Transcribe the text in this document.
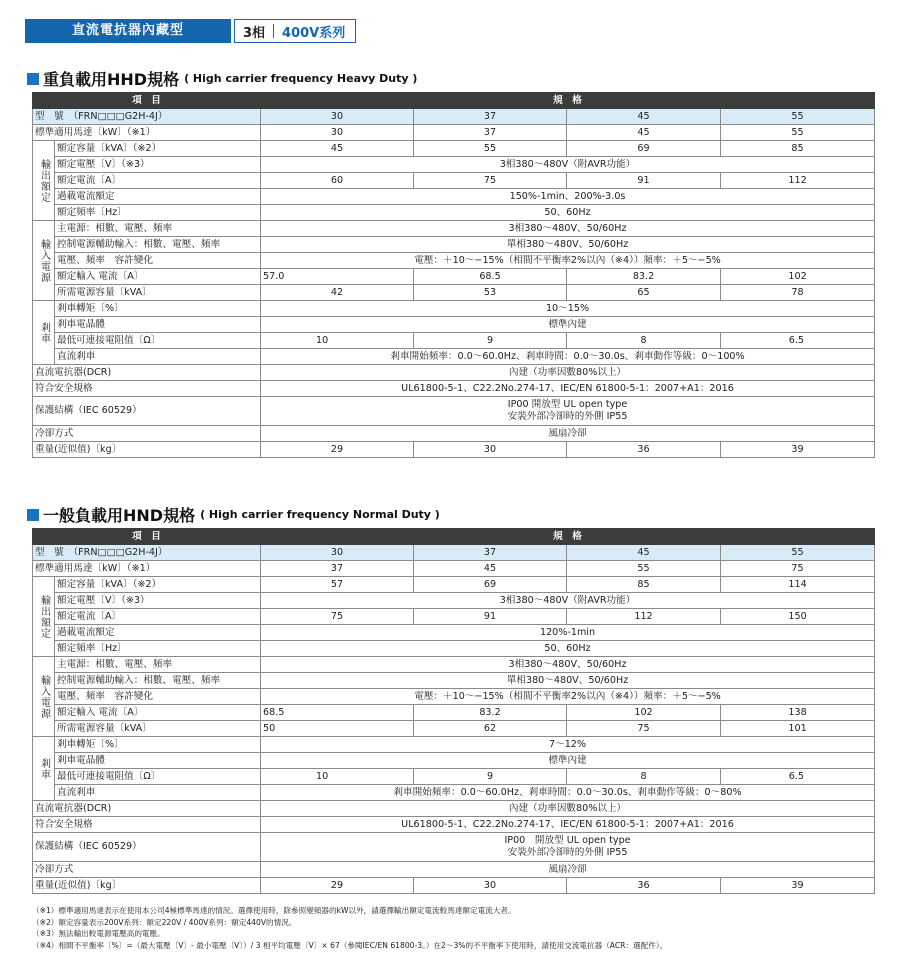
直流電抗器內藏型	3相 400V系列
重負載用HHD規格 ( High carrier frequency Heavy Duty )
項　目		規　格			
型　號　（FRN□□□G2H-4J）		30	37	45	55
標準適用馬達〔kW〕（※1）		30	37	45	55
輸出額定	額定容量〔kVA〕（※2）	45	55	69	85
	額定電壓〔V〕（※3）	3相380～480V（附AVR功能）			
	額定電流〔A〕	60	75	91	112
	過載電流額定	150%-1min、200%-3.0s			
	額定頻率〔Hz〕	50、60Hz			
輸入電源	主電源：相數、電壓、頻率	3相380～480V、50/60Hz			
	控制電源輔助輸入：相數、電壓、頻率	單相380～480V、50/60Hz			
	電壓、頻率　容許變化	電壓：＋10～−15%（相間不平衡率2%以內（※4））頻率：＋5～−5%			
	額定輸入 電流〔A〕	57.0	68.5	83.2	102
	所需電源容量〔kVA〕	42	53	65	78
剎車	剎車轉矩〔%〕	10～15%			
	剎車電晶體	標準內建			
	最低可連接電阻值〔Ω〕	10	9	8	6.5
	直流剎車	剎車開始頻率：0.0～60.0Hz、剎車時間：0.0～30.0s、剎車動作等級：0～100%			
直流電抗器(DCR)		內建（功率因數80%以上）			
符合安全規格		UL61800-5-1、C22.2No.274-17、IEC/EN 61800-5-1：2007+A1：2016			
保護結構（IEC 60529）		IP00 開放型 UL open type
安裝外部冷卻時的外側 IP55			

冷卻方式		風扇冷卻			
重量(近似值)〔kg〕		29	30	36	39
一般負載用HND規格 ( High carrier frequency Normal Duty )
項　目		規　格			
型　號　（FRN□□□G2H-4J）		30	37	45	55
標準適用馬達〔kW〕（※1）		37	45	55	75
輸出額定	額定容量〔kVA〕（※2）	57	69	85	114
	額定電壓〔V〕（※3）	3相380～480V（附AVR功能）			
	額定電流〔A〕	75	91	112	150
	過載電流額定	120%-1min			
	額定頻率〔Hz〕	50、60Hz			
輸入電源	主電源：相數、電壓、頻率	3相380～480V、50/60Hz			
	控制電源輔助輸入：相數、電壓、頻率	單相380～480V、50/60Hz			
	電壓、頻率　容許變化	電壓：＋10～−15%（相間不平衡率2%以內（※4））頻率：＋5～−5%			
	額定輸入 電流〔A〕	68.5	83.2	102	138
	所需電源容量〔kVA〕	50	62	75	101
剎車	剎車轉矩〔%〕	7～12%			
	剎車電晶體	標準內建			
	最低可連接電阻值〔Ω〕	10	9	8	6.5
	直流剎車	剎車開始頻率：0.0～60.0Hz、剎車時間：0.0～30.0s、剎車動作等級：0～80%			
直流電抗器(DCR)		內建（功率因數80%以上）			
符合安全規格		UL61800-5-1、C22.2No.274-17、IEC/EN 61800-5-1：2007+A1：2016			
保護結構（IEC 60529）		IP00　開放型 UL open type
安裝外部冷卻時的外側 IP55			

冷卻方式		風扇冷卻			
重量(近似值)〔kg〕		29	30	36	39
（※1）標準適用馬達表示在使用本公司4極標準馬達的情況。選擇使用時，除參照變頻器的kW以外，請選擇輸出額定電流較馬達額定電流大者。
（※2）額定容量表示200V系列：額定220V / 400V系列：額定440V的情況。
（※3）無法輸出較電源電壓高的電壓。
（※4）相間不平衡率〔%〕=（最大電壓〔V〕- 最小電壓〔V〕）/ 3 相平均電壓〔V〕× 67（參閱IEC/EN 61800-3。）在2～3%的不平衡率下使用時，請使用交流電抗器（ACR：選配件）。
